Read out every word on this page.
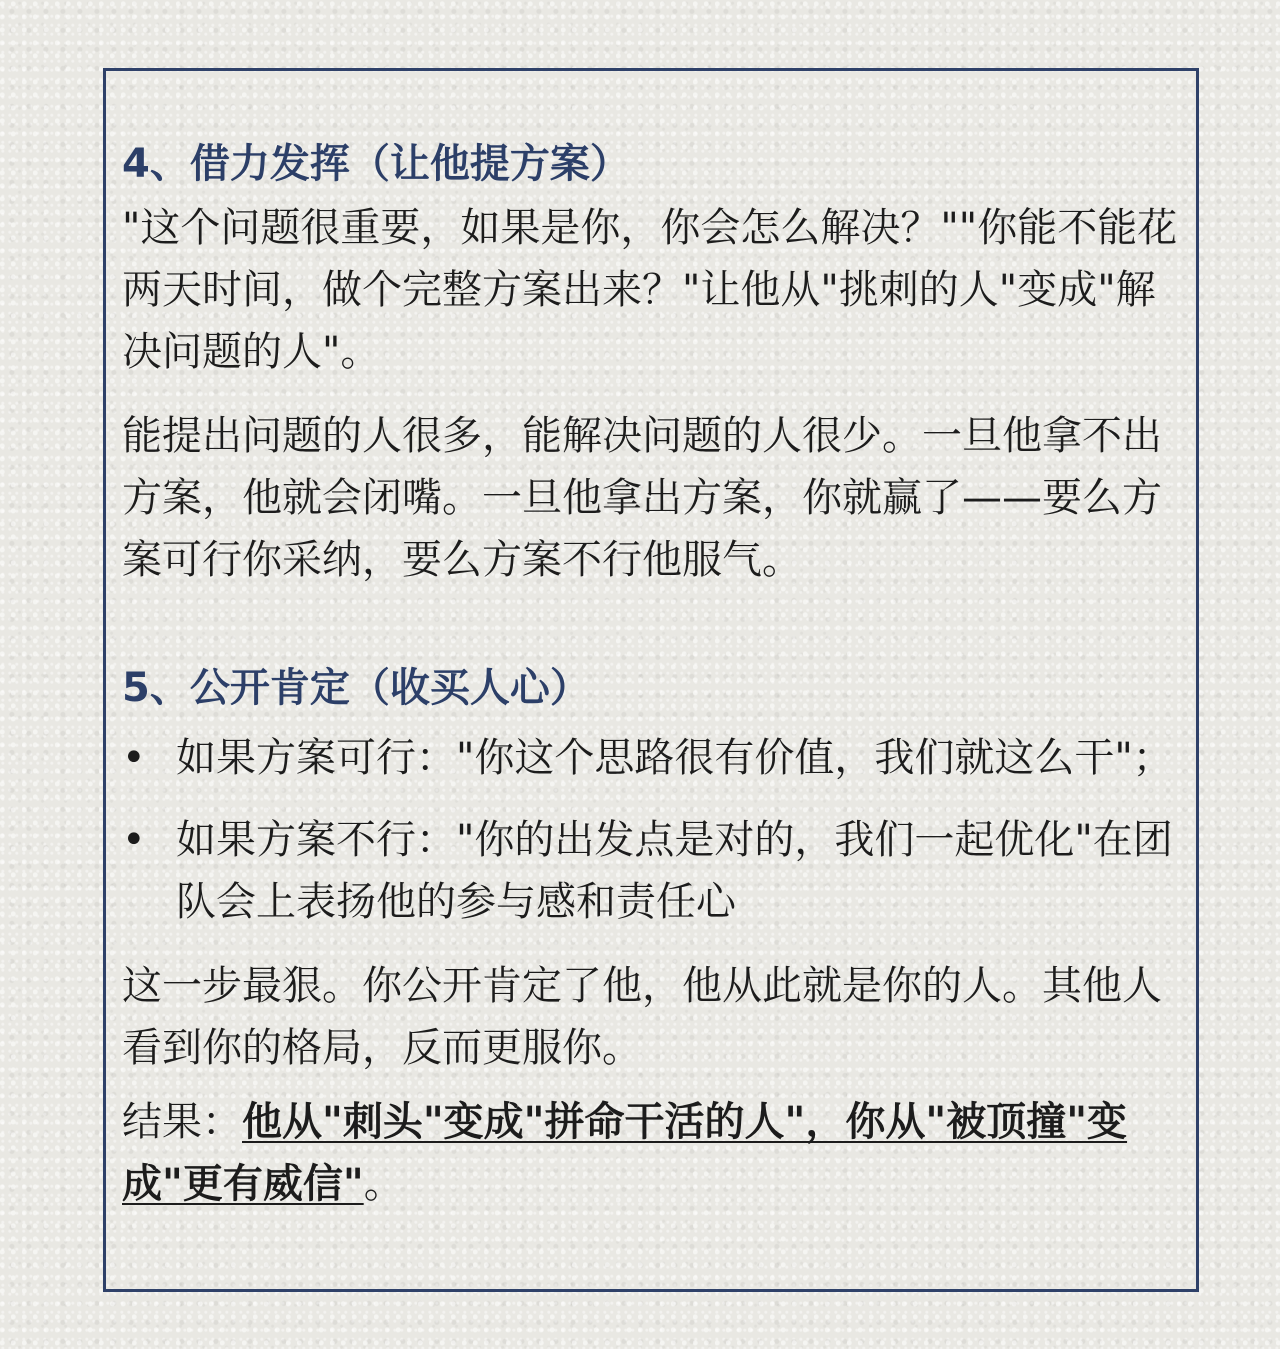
4、借力发挥（让他提方案）

"这个问题很重要，如果是你，你会怎么解决？""你能不能花两天时间，做个完整方案出来？"让他从"挑刺的人"变成"解决问题的人"。

能提出问题的人很多，能解决问题的人很少。一旦他拿不出方案，他就会闭嘴。一旦他拿出方案，你就赢了——要么方案可行你采纳，要么方案不行他服气。

5、公开肯定（收买人心）
• 如果方案可行："你这个思路很有价值，我们就这么干"；
• 如果方案不行："你的出发点是对的，我们一起优化"在团队会上表扬他的参与感和责任心

这一步最狠。你公开肯定了他，他从此就是你的人。其他人看到你的格局，反而更服你。

结果：他从"刺头"变成"拼命干活的人"，你从"被顶撞"变成"更有威信"。
